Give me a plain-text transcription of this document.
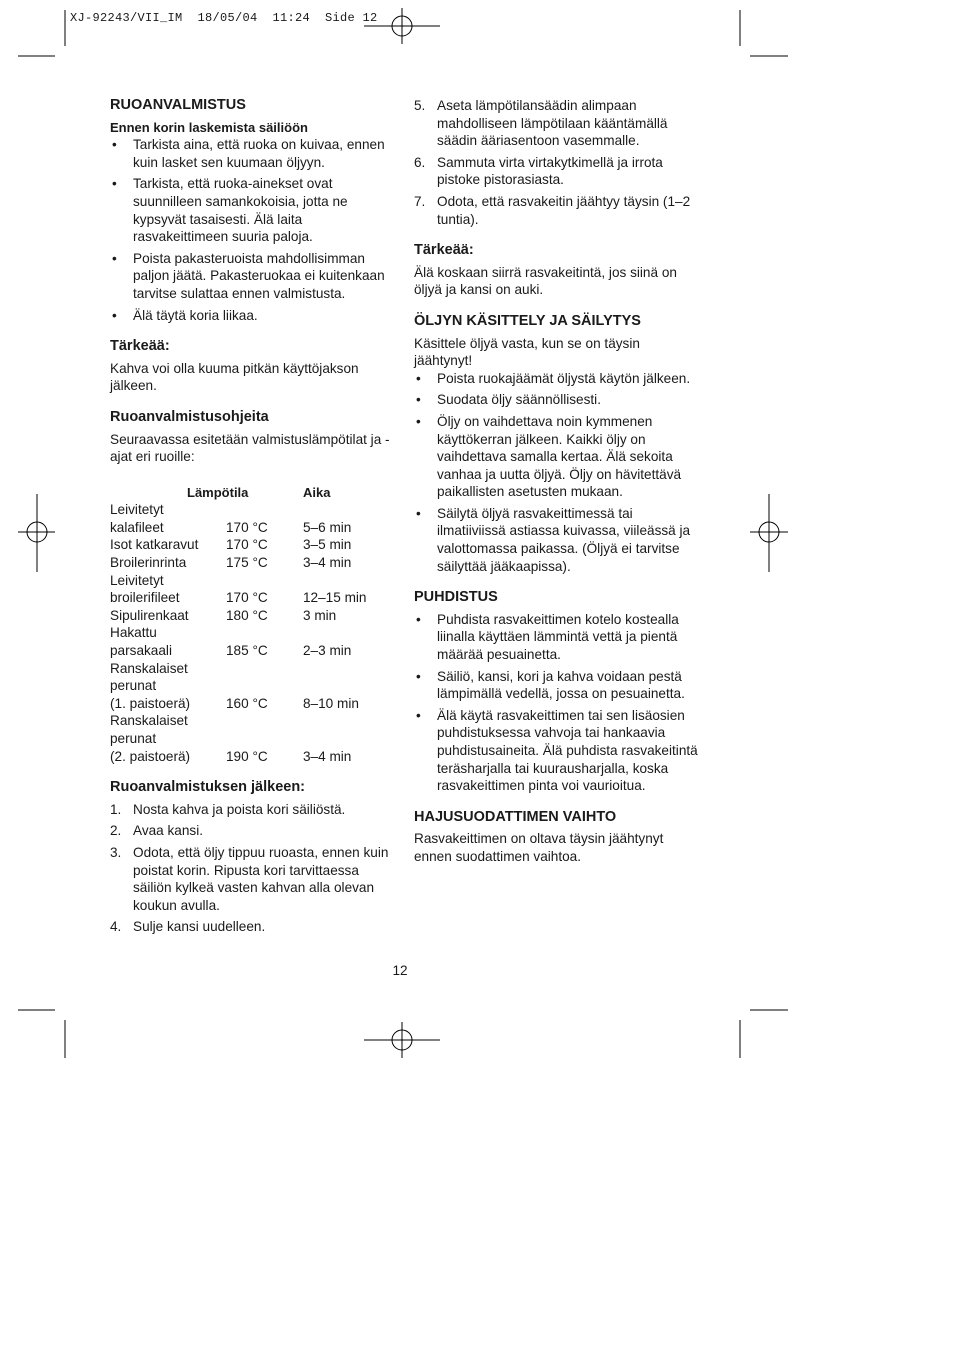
XJ-92243/VII_IM  18/05/04  11:24  Side 12
RUOANVALMISTUS
Ennen korin laskemista säiliöön
• Tarkista aina, että ruoka on kuivaa, ennen kuin lasket sen kuumaan öljyyn.
• Tarkista, että ruoka-ainekset ovat suunnilleen samankokoisia, jotta ne kypsyvät tasaisesti. Älä laita rasvakeittimeen suuria paloja.
• Poista pakasteruoista mahdollisimman paljon jäätä. Pakasteruokaa ei kuitenkaan tarvitse sulattaa ennen valmistusta.
• Älä täytä koria liikaa.
Tärkeää:

Kahva voi olla kuuma pitkän käyttöjakson jälkeen.

Ruoanvalmistusohjeita

Seuraavassa esitetään valmistuslämpötilat ja -ajat eri ruoille:

Lämpötila		Aika
Leivitetyt		
kalafileet	170 °C	5–6 min
Isot katkaravut	170 °C	3–5 min
Broilerinrinta	175 °C	3–4 min
Leivitetyt		
broilerifileet	170 °C	12–15 min
Sipulirenkaat	180 °C	3 min
Hakattu		
parsakaali	185 °C	2–3 min
Ranskalaiset perunat		
(1. paistoerä)	160 °C	8–10 min
Ranskalaiset perunat		
(2. paistoerä)	190 °C	3–4 min
Ruoanvalmistuksen jälkeen:
1. Nosta kahva ja poista kori säiliöstä.
2. Avaa kansi.
3. Odota, että öljy tippuu ruoasta, ennen kuin poistat korin. Ripusta kori tarvittaessa säiliön kylkeä vasten kahvan alla olevan koukun avulla.
4. Sulje kansi uudelleen.
5. Aseta lämpötilansäädin alimpaan mahdolliseen lämpötilaan kääntämällä säädin ääriasentoon vasemmalle.
6. Sammuta virta virtakytkimellä ja irrota pistoke pistorasiasta.
7. Odota, että rasvakeitin jäähtyy täysin (1–2 tuntia).
Tärkeää:

Älä koskaan siirrä rasvakeitintä, jos siinä on öljyä ja kansi on auki.

ÖLJYN KÄSITTELY JA SÄILYTYS

Käsittele öljyä vasta, kun se on täysin jäähtynyt!

• Poista ruokajäämät öljystä käytön jälkeen.
• Suodata öljy säännöllisesti.
• Öljy on vaihdettava noin kymmenen käyttökerran jälkeen. Kaikki öljy on vaihdettava samalla kertaa. Älä sekoita vanhaa ja uutta öljyä. Öljy on hävitettävä paikallisten asetusten mukaan.
• Säilytä öljyä rasvakeittimessä tai ilmatiiviissä astiassa kuivassa, viileässä ja valottomassa paikassa. (Öljyä ei tarvitse säilyttää jääkaapissa).
PUHDISTUS
• Puhdista rasvakeittimen kotelo kostealla liinalla käyttäen lämmintä vettä ja pientä määrää pesuainetta.
• Säiliö, kansi, kori ja kahva voidaan pestä lämpimällä vedellä, jossa on pesuainetta.
• Älä käytä rasvakeittimen tai sen lisäosien puhdistuksessa vahvoja tai hankaavia puhdistusaineita. Älä puhdista rasvakeitintä teräsharjalla tai kuurausharjalla, koska rasvakeittimen pinta voi vaurioitua.
HAJUSUODATTIMEN VAIHTO

Rasvakeittimen on oltava täysin jäähtynyt ennen suodattimen vaihtoa.

12
